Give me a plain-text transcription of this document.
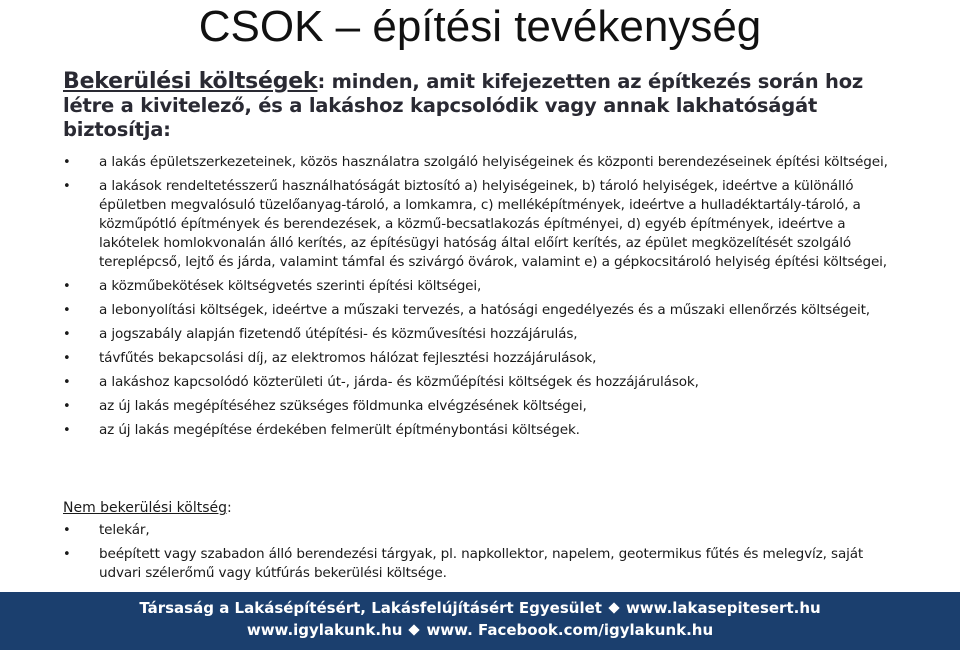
CSOK – építési tevékenység
Bekerülési költségek: minden, amit kifejezetten az építkezés során hoz létre a kivitelező, és a lakáshoz kapcsolódik vagy annak lakhatóságát biztosítja:
• a lakás épületszerkezeteinek, közös használatra szolgáló helyiségeinek és központi berendezéseinek építési költségei,
• a lakások rendeltetésszerű használhatóságát biztosító a) helyiségeinek, b) tároló helyiségek, ideértve a különálló épületben megvalósuló tüzelőanyag-tároló, a lomkamra, c) melléképítmények, ideértve a hulladéktartály-tároló, a közműpótló építmények és berendezések, a közmű-becsatlakozás építményei, d) egyéb építmények, ideértve a lakótelek homlokvonalán álló kerítés, az építésügyi hatóság által előírt kerítés, az épület megközelítését szolgáló tereplépcső, lejtő és járda, valamint támfal és szivárgó övárok, valamint e) a gépkocsitároló helyiség építési költségei,
• a közműbekötések költségvetés szerinti építési költségei,
• a lebonyolítási költségek, ideértve a műszaki tervezés, a hatósági engedélyezés és a műszaki ellenőrzés költségeit,
• a jogszabály alapján fizetendő útépítési- és közművesítési hozzájárulás,
• távfűtés bekapcsolási díj, az elektromos hálózat fejlesztési hozzájárulások,
• a lakáshoz kapcsolódó közterületi út-, járda- és közműépítési költségek és hozzájárulások,
• az új lakás megépítéséhez szükséges földmunka elvégzésének költségei,
• az új lakás megépítése érdekében felmerült építménybontási költségek.
Nem bekerülési költség:
• telekár,
• beépített vagy szabadon álló berendezési tárgyak, pl. napkollektor, napelem, geotermikus fűtés és melegvíz, saját udvari szélerőmű vagy kútfúrás bekerülési költsége.
Társaság a Lakásépítésért, Lakásfelújításért Egyesület www.lakasepitesert.hu
www.igylakunk.hu www. Facebook.com/igylakunk.hu
